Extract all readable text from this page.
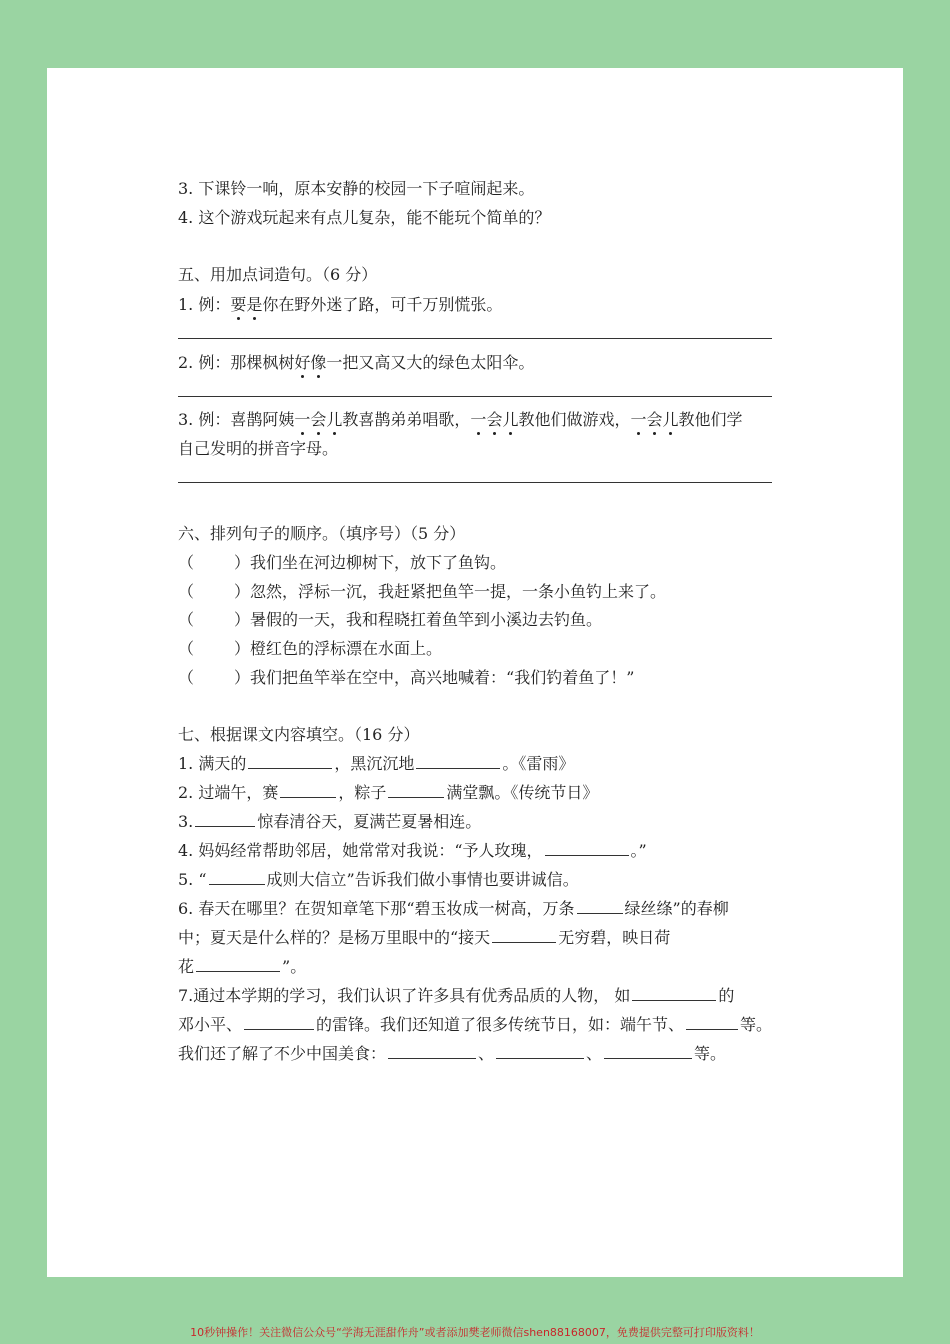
3. 下课铃一响，原本安静的校园一下子喧闹起来。
4. 这个游戏玩起来有点儿复杂，能不能玩个简单的？
五、用加点词造句。（6 分）
1. 例：要是你在野外迷了路，可千万别慌张。
2. 例：那棵枫树好像一把又高又大的绿色太阳伞。
3. 例：喜鹊阿姨一会儿教喜鹊弟弟唱歌，一会儿教他们做游戏，一会儿教他们学
自己发明的拼音字母。
六、排列句子的顺序。（填序号）（5 分）
（ ）我们坐在河边柳树下，放下了鱼钩。
（ ）忽然，浮标一沉，我赶紧把鱼竿一提，一条小鱼钓上来了。
（ ）暑假的一天，我和程晓扛着鱼竿到小溪边去钓鱼。
（ ）橙红色的浮标漂在水面上。
（ ）我们把鱼竿举在空中，高兴地喊着：“我们钓着鱼了！”
七、根据课文内容填空。（16 分）
1. 满天的	，黑沉沉地	。《雷雨》
2. 过端午，赛	，粽子	满堂飘。《传统节日》
3.	惊春清谷天，夏满芒夏暑相连。
4. 妈妈经常帮助邻居，她常常对我说：“予人玫瑰，	。”
5. “	成则大信立”告诉我们做小事情也要讲诚信。
6. 春天在哪里？在贺知章笔下那“碧玉妆成一树高，万条	绿丝绦”的春柳
中；夏天是什么样的？是杨万里眼中的“接天	无穷碧，映日荷
花	”。
7.通过本学期的学习，我们认识了许多具有优秀品质的人物， 如	的
邓小平、	的雷锋。我们还知道了很多传统节日，如：端午节、	等。
我们还了解了不少中国美食：	、	、	等。
10秒钟操作！关注微信公众号“学海无涯甜作舟”或者添加樊老师微信shen88168007，免费提供完整可打印版资料！
